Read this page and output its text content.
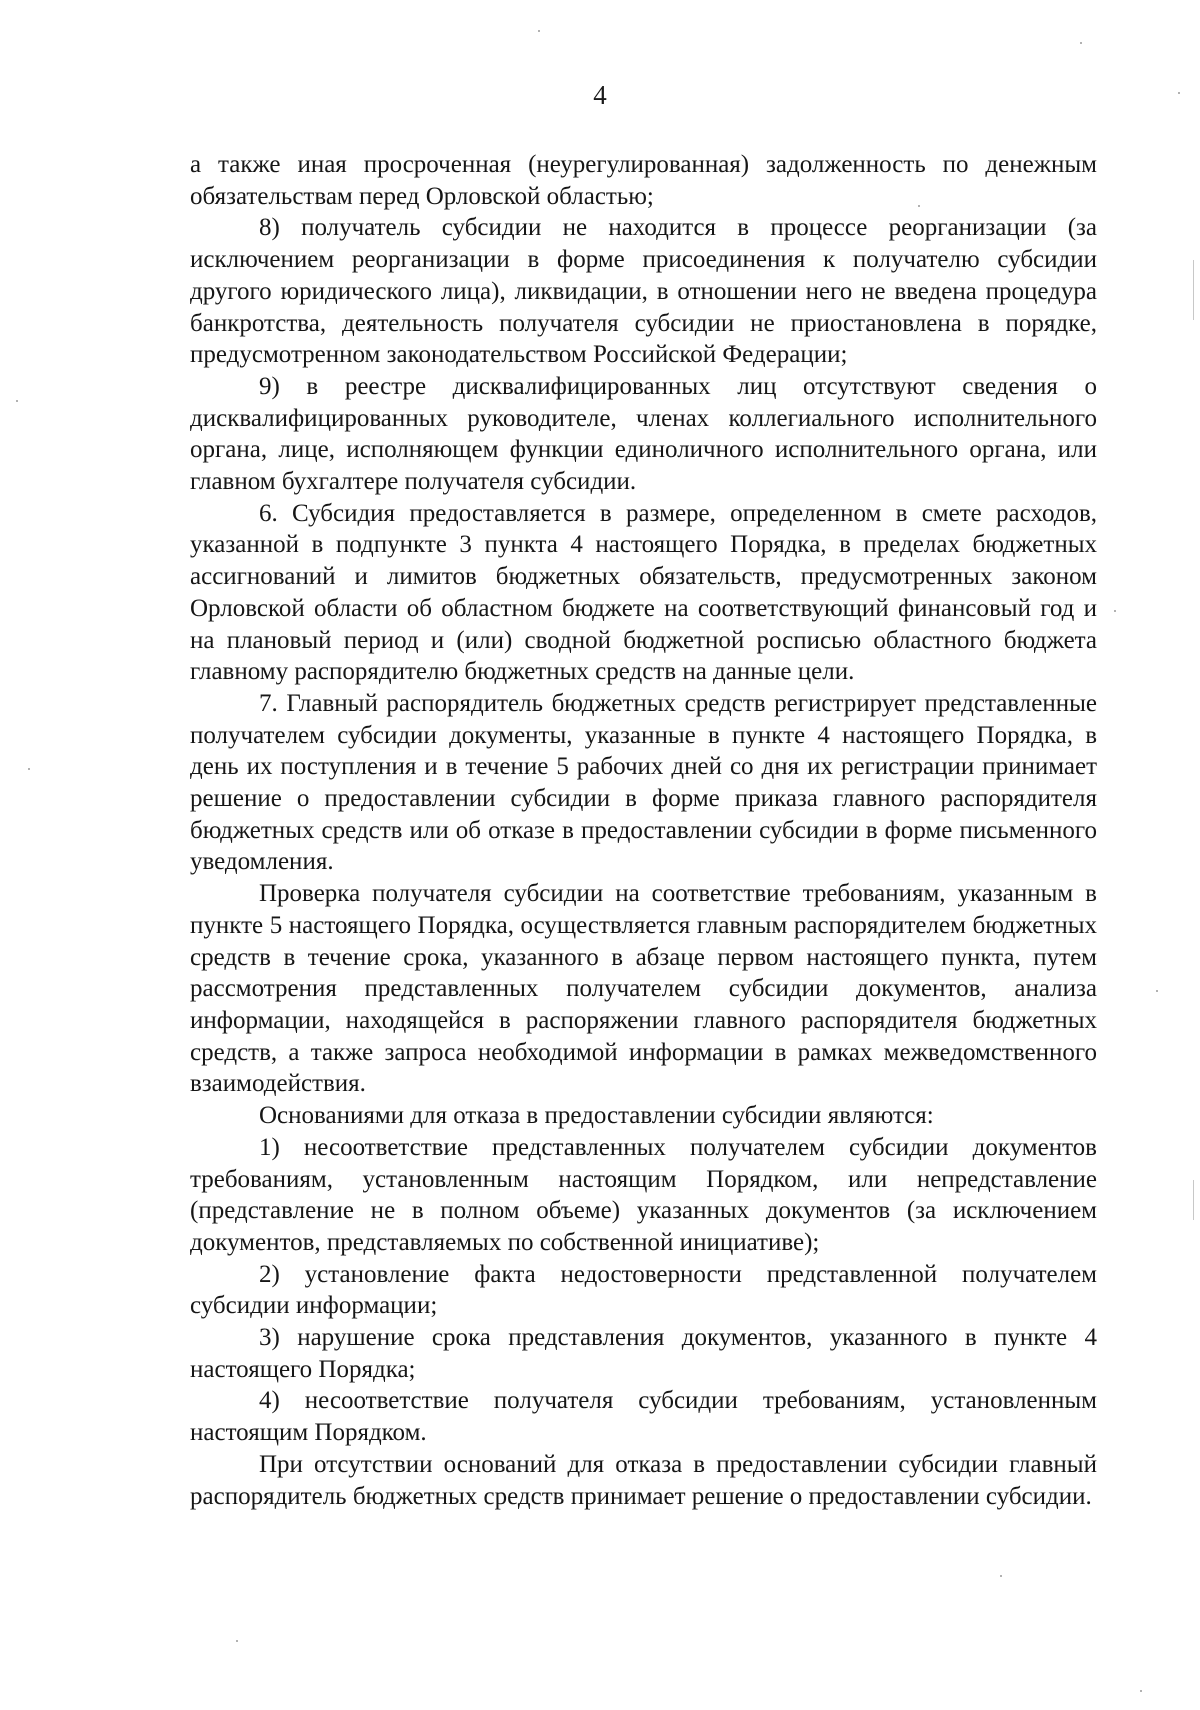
4

а также иная просроченная (неурегулированная) задолженность по денежным обязательствам перед Орловской областью;

8) получатель субсидии не находится в процессе реорганизации (за исключением реорганизации в форме присоединения к получателю субсидии другого юридического лица), ликвидации, в отношении него не введена процедура банкротства, деятельность получателя субсидии не приостановлена в порядке, предусмотренном законодательством Российской Федерации;

9) в реестре дисквалифицированных лиц отсутствуют сведения о дисквалифицированных руководителе, членах коллегиального исполнительного органа, лице, исполняющем функции единоличного исполнительного органа, или главном бухгалтере получателя субсидии.

6. Субсидия предоставляется в размере, определенном в смете расходов, указанной в подпункте 3 пункта 4 настоящего Порядка, в пределах бюджетных ассигнований и лимитов бюджетных обязательств, предусмотренных законом Орловской области об областном бюджете на соответствующий финансовый год и на плановый период и (или) сводной бюджетной росписью областного бюджета главному распорядителю бюджетных средств на данные цели.

7. Главный распорядитель бюджетных средств регистрирует представленные получателем субсидии документы, указанные в пункте 4 настоящего Порядка, в день их поступления и в течение 5 рабочих дней со дня их регистрации принимает решение о предоставлении субсидии в форме приказа главного распорядителя бюджетных средств или об отказе в предоставлении субсидии в форме письменного уведомления.

Проверка получателя субсидии на соответствие требованиям, указанным в пункте 5 настоящего Порядка, осуществляется главным распорядителем бюджетных средств в течение срока, указанного в абзаце первом настоящего пункта, путем рассмотрения представленных получателем субсидии документов, анализа информации, находящейся в распоряжении главного распорядителя бюджетных средств, а также запроса необходимой информации в рамках межведомственного взаимодействия.

Основаниями для отказа в предоставлении субсидии являются:

1) несоответствие представленных получателем субсидии документов требованиям, установленным настоящим Порядком, или непредставление (представление не в полном объеме) указанных документов (за исключением документов, представляемых по собственной инициативе);

2) установление факта недостоверности представленной получателем субсидии информации;

3) нарушение срока представления документов, указанного в пункте 4 настоящего Порядка;

4) несоответствие получателя субсидии требованиям, установленным настоящим Порядком.

При отсутствии оснований для отказа в предоставлении субсидии главный распорядитель бюджетных средств принимает решение о предоставлении субсидии.
